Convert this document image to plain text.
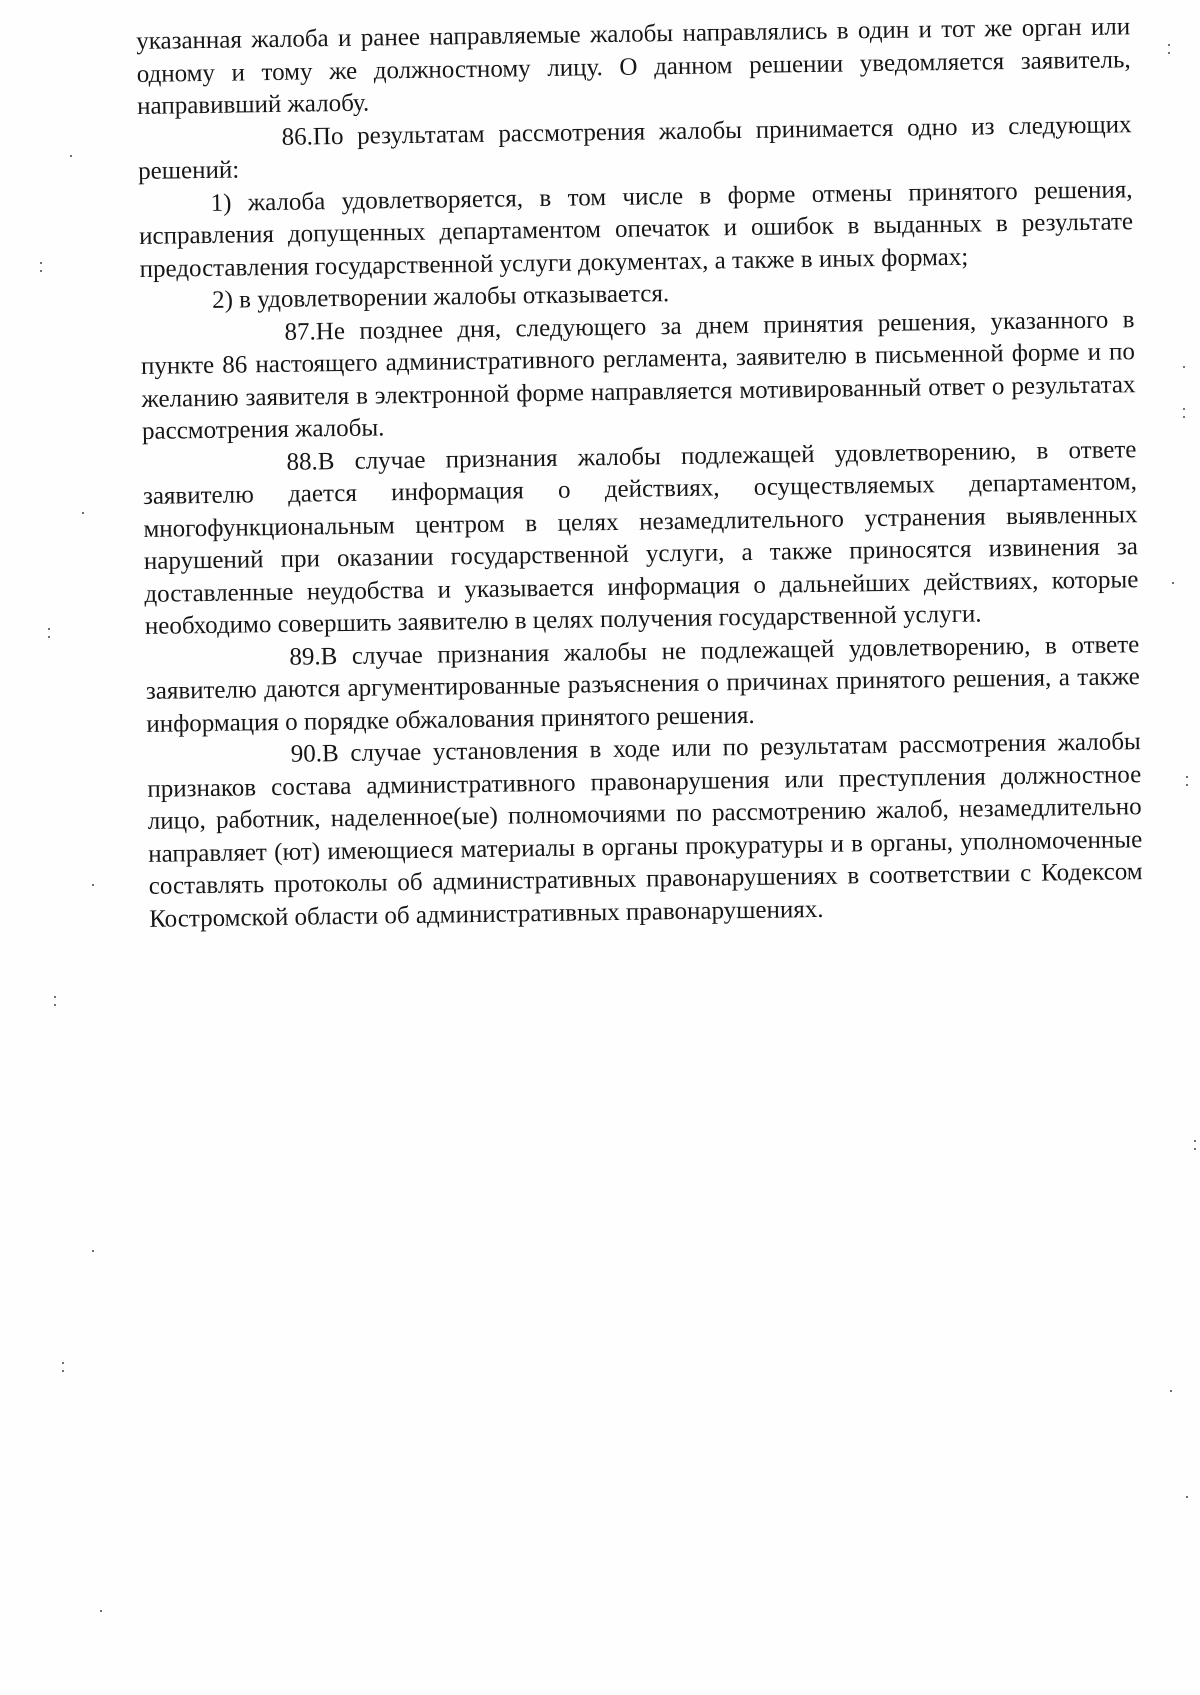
указанная жалоба и ранее направляемые жалобы направлялись в один и тот же орган или одному и тому же должностному лицу. О данном решении уведомляется заявитель, направивший жалобу.

86.По результатам рассмотрения жалобы принимается одно из следующих решений:

1) жалоба удовлетворяется, в том числе в форме отмены принятого решения, исправления допущенных департаментом опечаток и ошибок в выданных в результате предоставления государственной услуги документах, а также в иных формах;

2) в удовлетворении жалобы отказывается.

87.Не позднее дня, следующего за днем принятия решения, указанного в пункте 86 настоящего административного регламента, заявителю в письменной форме и по желанию заявителя в электронной форме направляется мотивированный ответ о результатах рассмотрения жалобы.

88.В случае признания жалобы подлежащей удовлетворению, в ответе заявителю дается информация о действиях, осуществляемых департаментом, многофункциональным центром в целях незамедлительного устранения выявленных нарушений при оказании государственной услуги, а также приносятся извинения за доставленные неудобства и указывается информация о дальнейших действиях, которые необходимо совершить заявителю в целях получения государственной услуги.

89.В случае признания жалобы не подлежащей удовлетворению, в ответе заявителю даются аргументированные разъяснения о причинах принятого решения, а также информация о порядке обжалования принятого решения.

90.В случае установления в ходе или по результатам рассмотрения жалобы признаков состава административного правонарушения или преступления должностное лицо, работник, наделенное(ые) полномочиями по рассмотрению жалоб, незамедлительно направляет (ют) имеющиеся материалы в органы прокуратуры и в органы, уполномоченные составлять протоколы об административных правонарушениях в соответствии с Кодексом Костромской области об административных правонарушениях.
